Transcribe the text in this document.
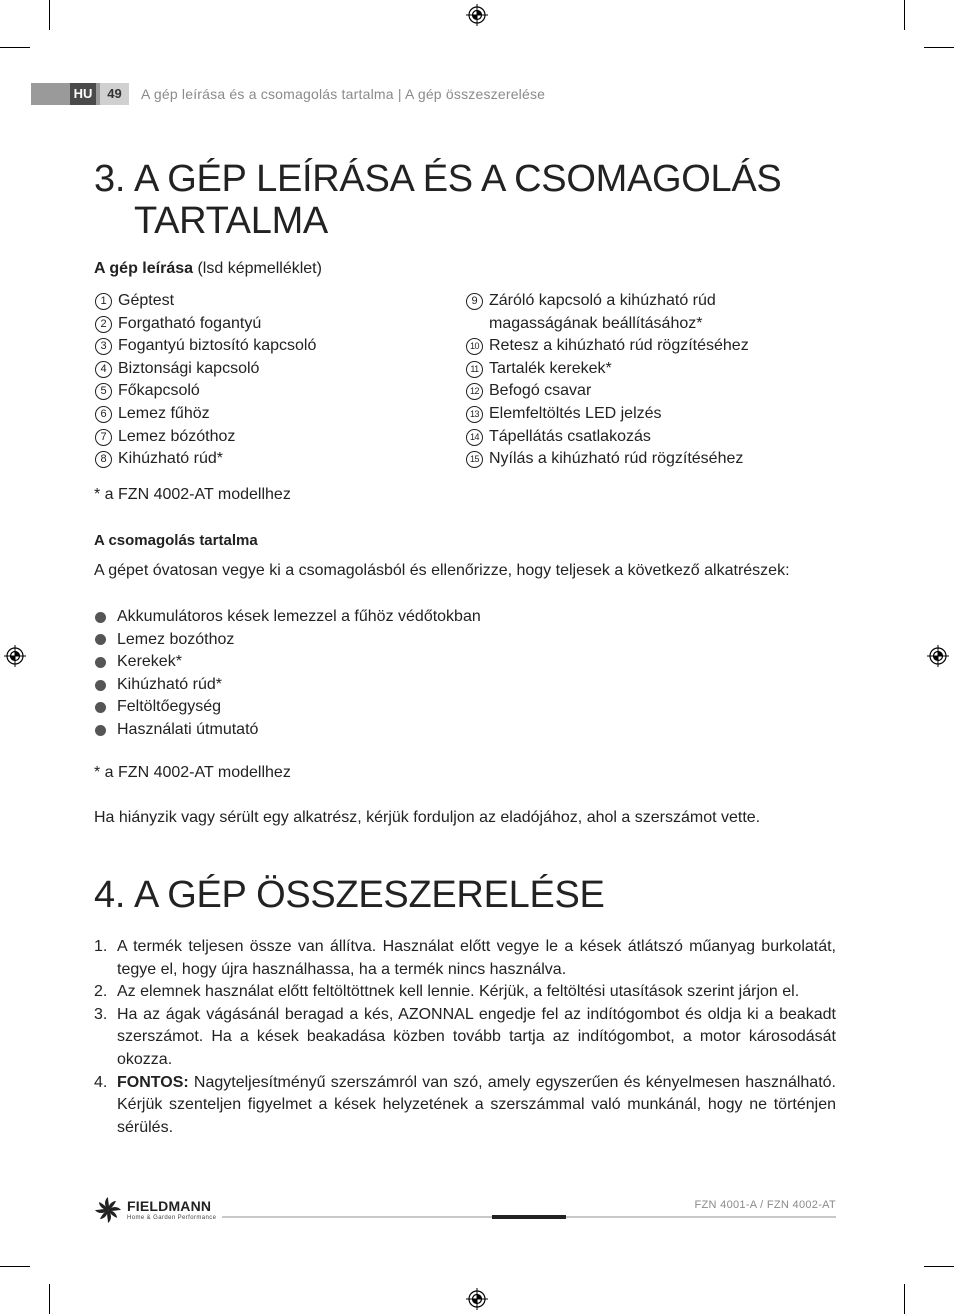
HU	49	A gép leírása és a csomagolás tartalma | A gép összeszerelése
3. A GÉP LEÍRÁSA ÉS A CSOMAGOLÁS
TARTALMA
A gép leírása (lsd képmelléklet)
1 Géptest
2 Forgatható fogantyú
3 Fogantyú biztosító kapcsoló
4 Biztonsági kapcsoló
5 Főkapcsoló
6 Lemez fűhöz
7 Lemez bózóthoz
8 Kihúzható rúd*
9 Záróló kapcsoló a kihúzható rúd
magasságának beállításához*
10 Retesz a kihúzható rúd rögzítéséhez
11 Tartalék kerekek*
12 Befogó csavar
13 Elemfeltöltés LED jelzés
14 Tápellátás csatlakozás
15 Nyílás a kihúzható rúd rögzítéséhez
* a FZN 4002-AT modellhez
A csomagolás tartalma
A gépet óvatosan vegye ki a csomagolásból és ellenőrizze, hogy teljesek a következő alkatrészek:
Akkumulátoros kések lemezzel a fűhöz védőtokban
Lemez bozóthoz
Kerekek*
Kihúzható rúd*
Feltöltőegység
Használati útmutató
* a FZN 4002-AT modellhez
Ha hiányzik vagy sérült egy alkatrész, kérjük forduljon az eladójához, ahol a szerszámot vette.
4. A GÉP ÖSSZESZERELÉSE
1. A termék teljesen össze van állítva. Használat előtt vegye le a kések átlátszó műanyag burkolatát, tegye el, hogy újra használhassa, ha a termék nincs használva.
2. Az elemnek használat előtt feltöltöttnek kell lennie. Kérjük, a feltöltési utasítások szerint járjon el.
3. Ha az ágak vágásánál beragad a kés, AZONNAL engedje fel az indítógombot és oldja ki a beakadt szerszámot. Ha a kések beakadása közben tovább tartja az indítógombot, a motor károsodását okozza.
4. FONTOS: Nagyteljesítményű szerszámról van szó, amely egyszerűen és kényelmesen használható. Kérjük szenteljen figyelmet a kések helyzetének a szerszámmal való munkánál, hogy ne történjen sérülés.
FIELDMANN
Home & Garden Performance
FZN 4001-A / FZN 4002-AT
